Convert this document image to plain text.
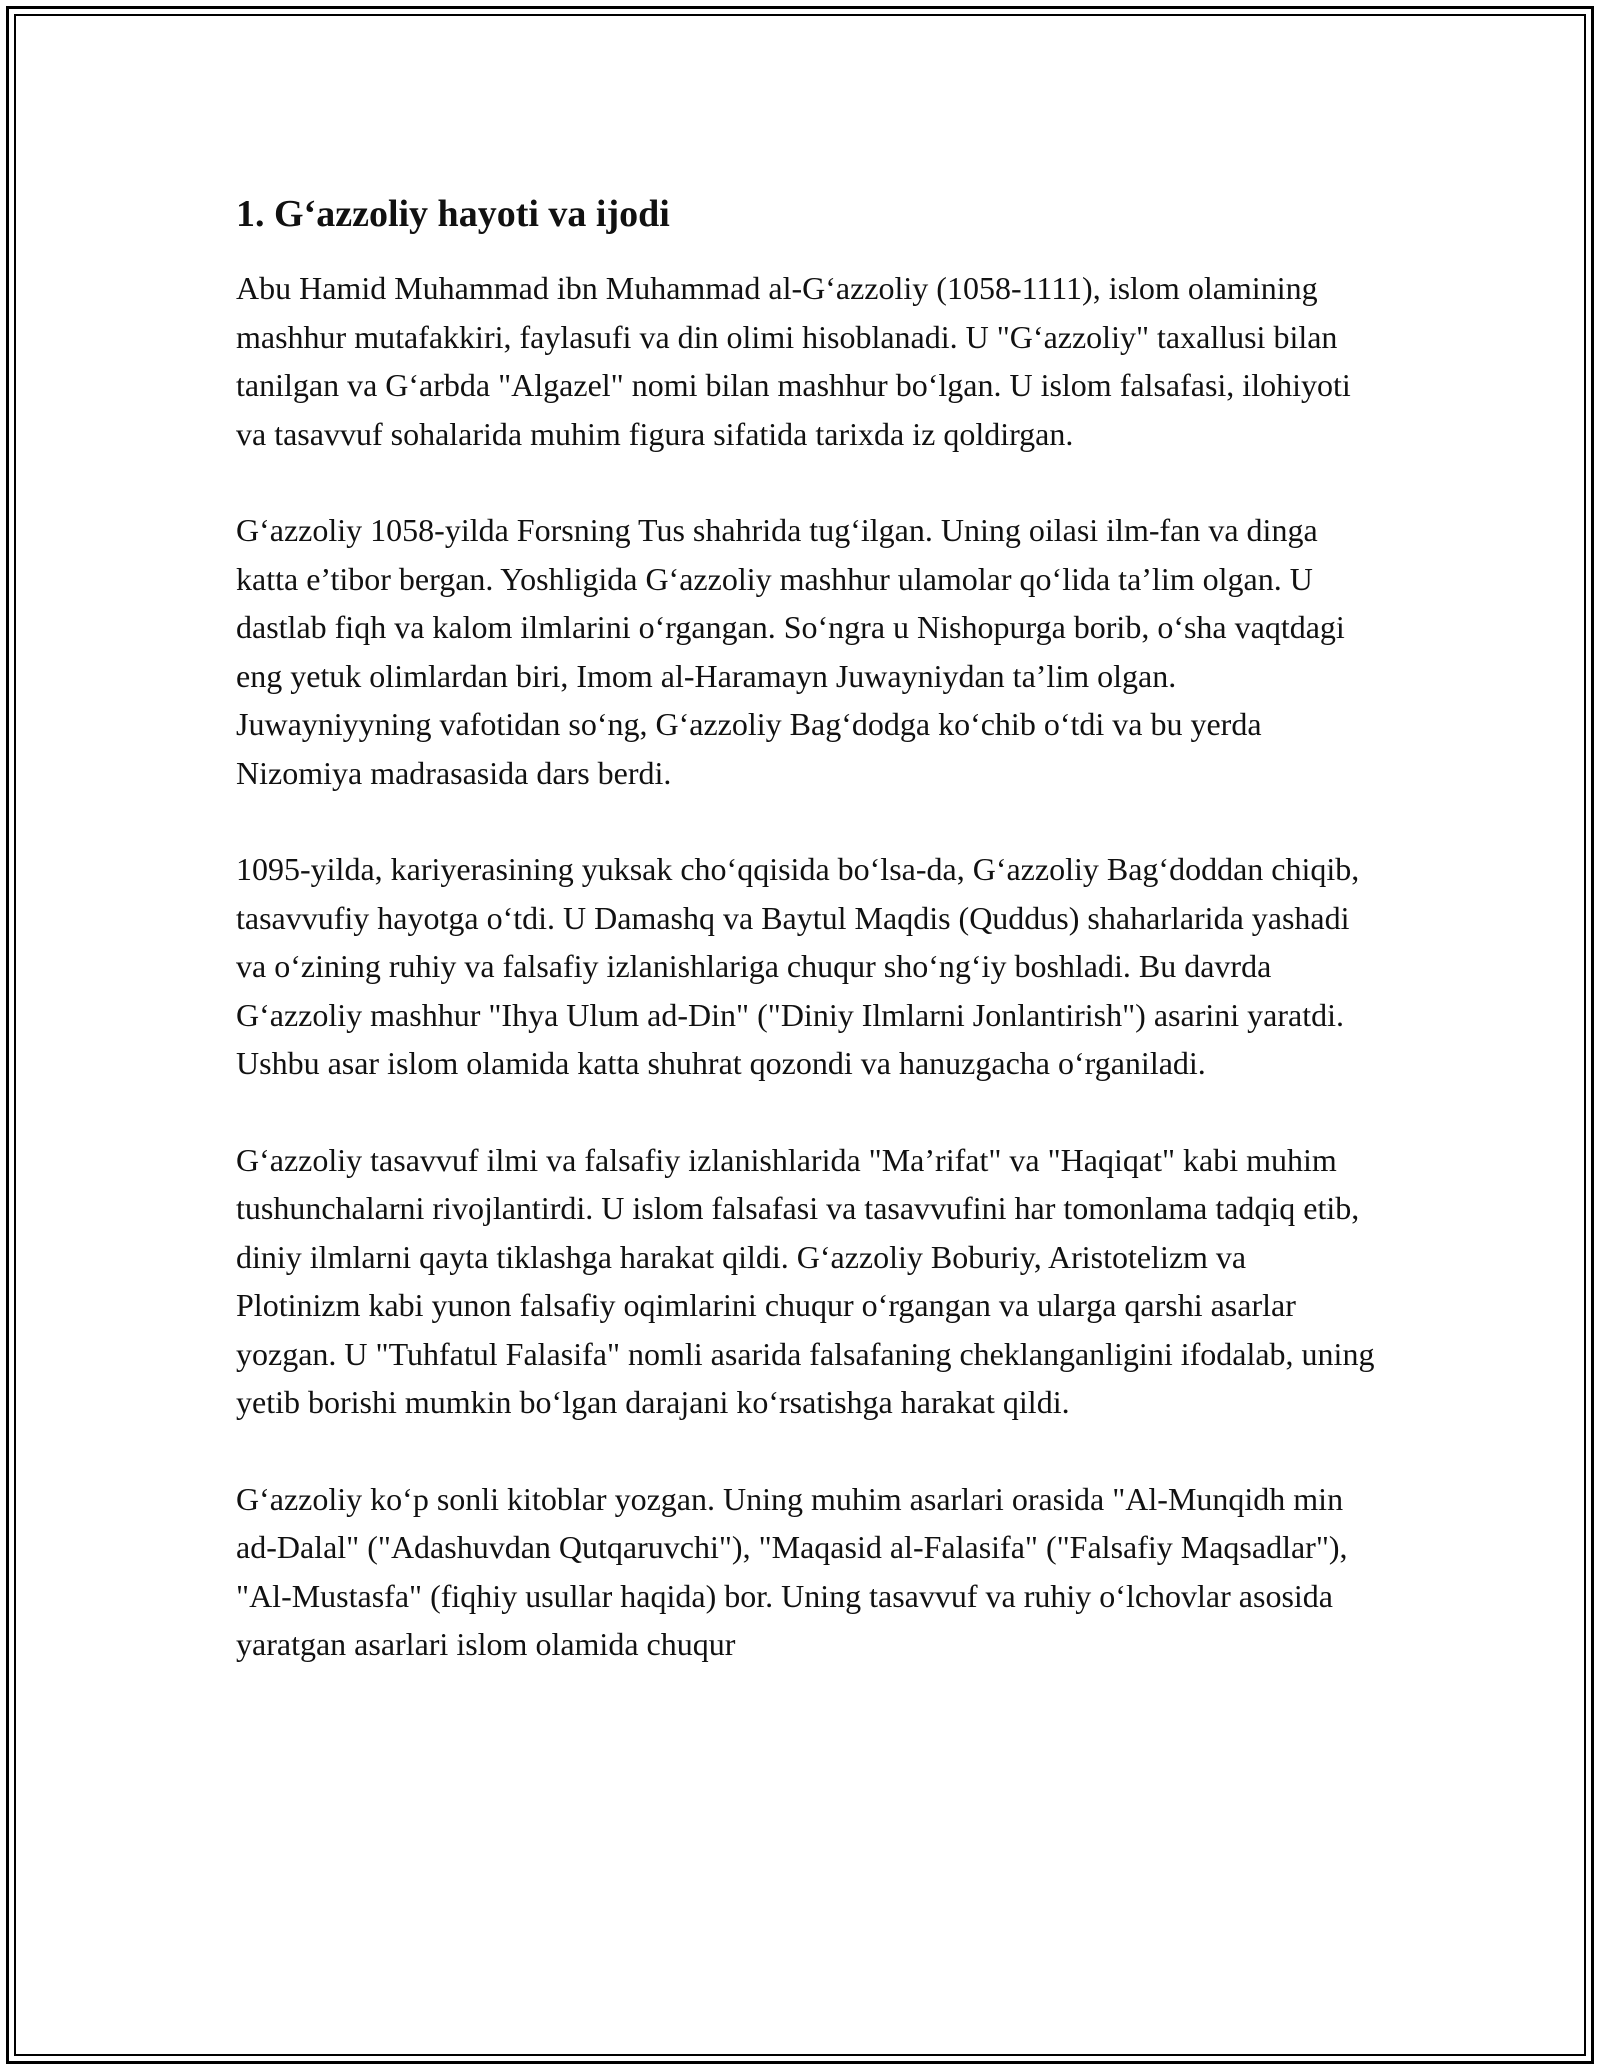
1. G‘azzoliy hayoti va ijodi

Abu Hamid Muhammad ibn Muhammad al-G‘azzoliy (1058-1111), islom olamining mashhur mutafakkiri, faylasufi va din olimi hisoblanadi. U "G‘azzoliy" taxallusi bilan tanilgan va G‘arbda "Algazel" nomi bilan mashhur bo‘lgan. U islom falsafasi, ilohiyoti va tasavvuf sohalarida muhim figura sifatida tarixda iz qoldirgan.

G‘azzoliy 1058-yilda Forsning Tus shahrida tug‘ilgan. Uning oilasi ilm-fan va dinga katta e’tibor bergan. Yoshligida G‘azzoliy mashhur ulamolar qo‘lida ta’lim olgan. U dastlab fiqh va kalom ilmlarini o‘rgangan. So‘ngra u Nishopurga borib, o‘sha vaqtdagi eng yetuk olimlardan biri, Imom al-Haramayn Juwayniydan ta’lim olgan. Juwayniyyning vafotidan so‘ng, G‘azzoliy Bag‘dodga ko‘chib o‘tdi va bu yerda Nizomiya madrasasida dars berdi.

1095-yilda, kariyerasining yuksak cho‘qqisida bo‘lsa-da, G‘azzoliy Bag‘doddan chiqib, tasavvufiy hayotga o‘tdi. U Damashq va Baytul Maqdis (Quddus) shaharlarida yashadi va o‘zining ruhiy va falsafiy izlanishlariga chuqur sho‘ng‘iy boshladi. Bu davrda G‘azzoliy mashhur "Ihya Ulum ad-Din" ("Diniy Ilmlarni Jonlantirish") asarini yaratdi. Ushbu asar islom olamida katta shuhrat qozondi va hanuzgacha o‘rganiladi.

G‘azzoliy tasavvuf ilmi va falsafiy izlanishlarida "Ma’rifat" va "Haqiqat" kabi muhim tushunchalarni rivojlantirdi. U islom falsafasi va tasavvufini har tomonlama tadqiq etib, diniy ilmlarni qayta tiklashga harakat qildi. G‘azzoliy Boburiy, Aristotelizm va Plotinizm kabi yunon falsafiy oqimlarini chuqur o‘rgangan va ularga qarshi asarlar yozgan. U "Tuhfatul Falasifa" nomli asarida falsafaning cheklanganligini ifodalab, uning yetib borishi mumkin bo‘lgan darajani ko‘rsatishga harakat qildi.

G‘azzoliy ko‘p sonli kitoblar yozgan. Uning muhim asarlari orasida "Al-Munqidh min ad-Dalal" ("Adashuvdan Qutqaruvchi"), "Maqasid al-Falasifa" ("Falsafiy Maqsadlar"), "Al-Mustasfa" (fiqhiy usullar haqida) bor. Uning tasavvuf va ruhiy o‘lchovlar asosida yaratgan asarlari islom olamida chuqur
